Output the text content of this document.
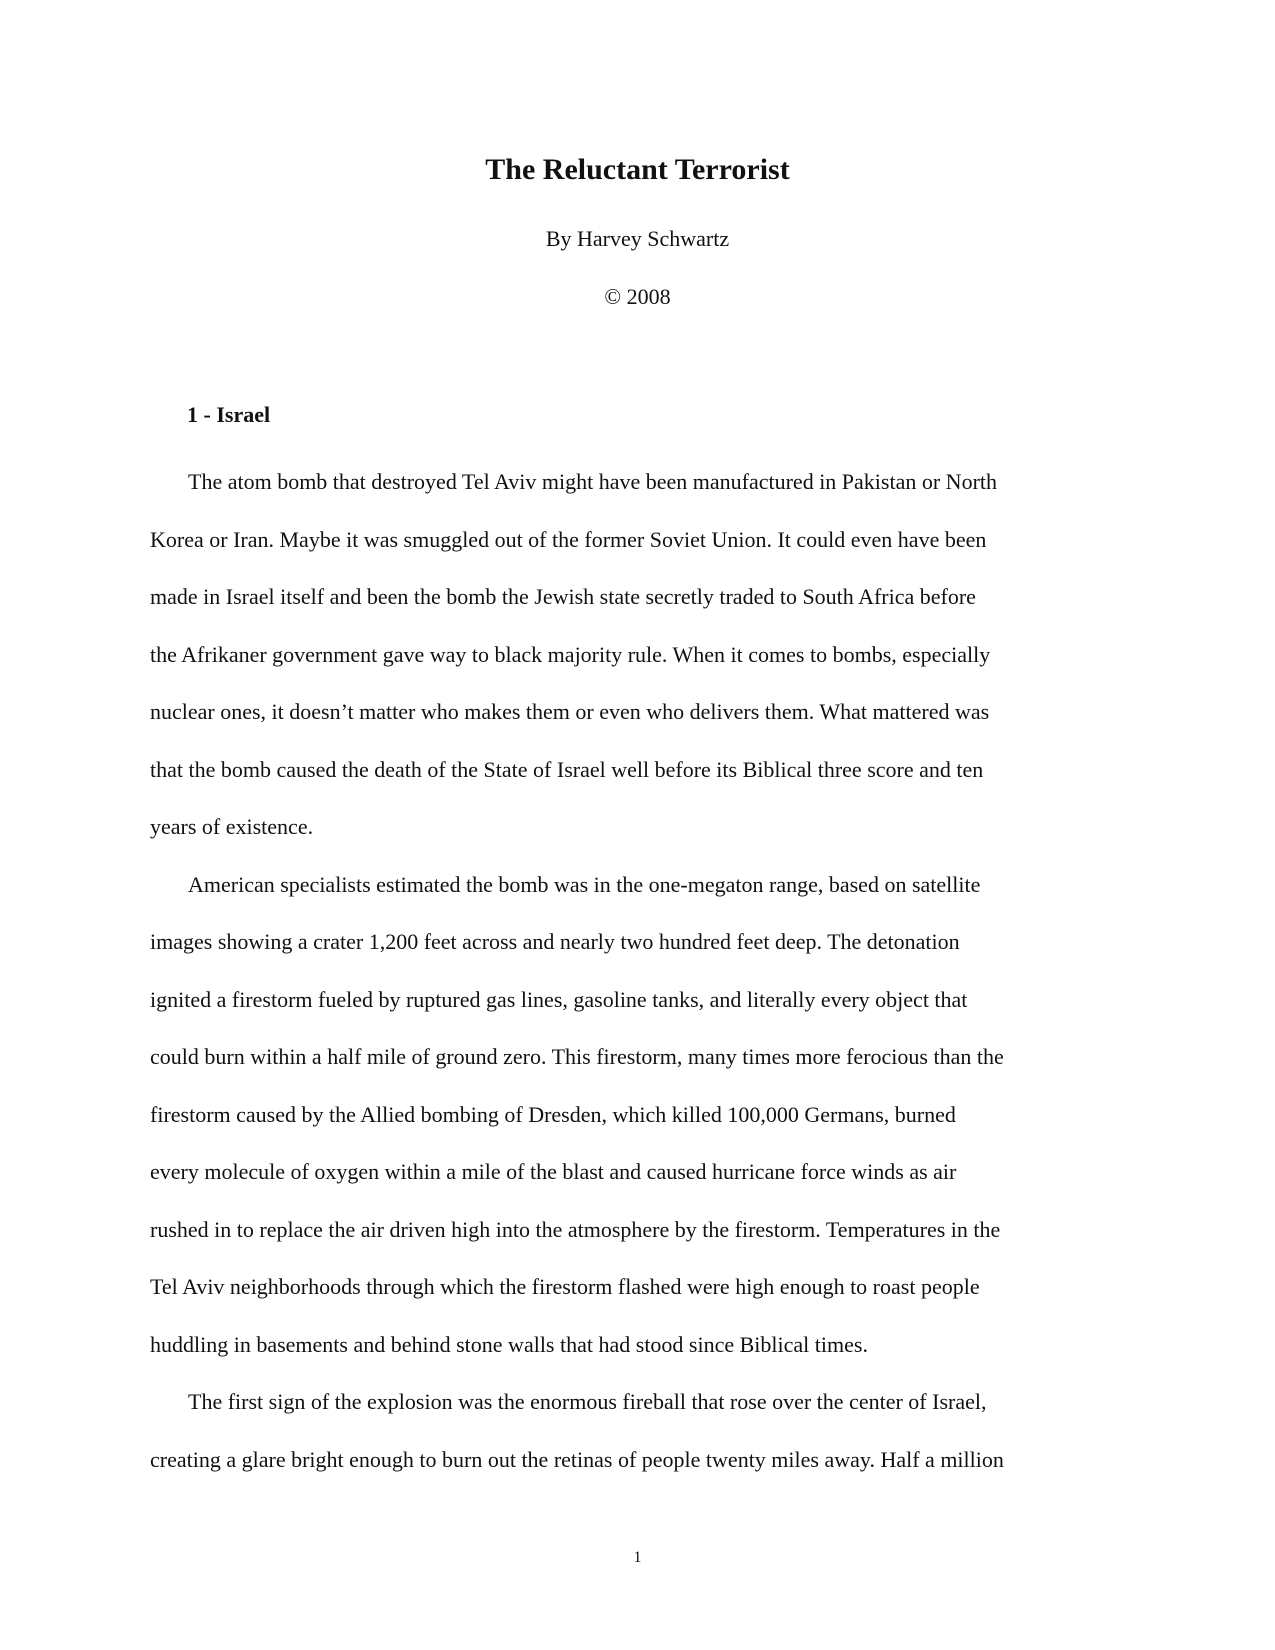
The Reluctant Terrorist

By Harvey Schwartz

© 2008

1 - Israel

The atom bomb that destroyed Tel Aviv might have been manufactured in Pakistan or North
Korea or Iran. Maybe it was smuggled out of the former Soviet Union. It could even have been
made in Israel itself and been the bomb the Jewish state secretly traded to South Africa before
the Afrikaner government gave way to black majority rule. When it comes to bombs, especially
nuclear ones, it doesn’t matter who makes them or even who delivers them. What mattered was
that the bomb caused the death of the State of Israel well before its Biblical three score and ten
years of existence.

American specialists estimated the bomb was in the one-megaton range, based on satellite
images showing a crater 1,200 feet across and nearly two hundred feet deep. The detonation
ignited a firestorm fueled by ruptured gas lines, gasoline tanks, and literally every object that
could burn within a half mile of ground zero. This firestorm, many times more ferocious than the
firestorm caused by the Allied bombing of Dresden, which killed 100,000 Germans, burned
every molecule of oxygen within a mile of the blast and caused hurricane force winds as air
rushed in to replace the air driven high into the atmosphere by the firestorm. Temperatures in the
Tel Aviv neighborhoods through which the firestorm flashed were high enough to roast people
huddling in basements and behind stone walls that had stood since Biblical times.

The first sign of the explosion was the enormous fireball that rose over the center of Israel,
creating a glare bright enough to burn out the retinas of people twenty miles away. Half a million

1
